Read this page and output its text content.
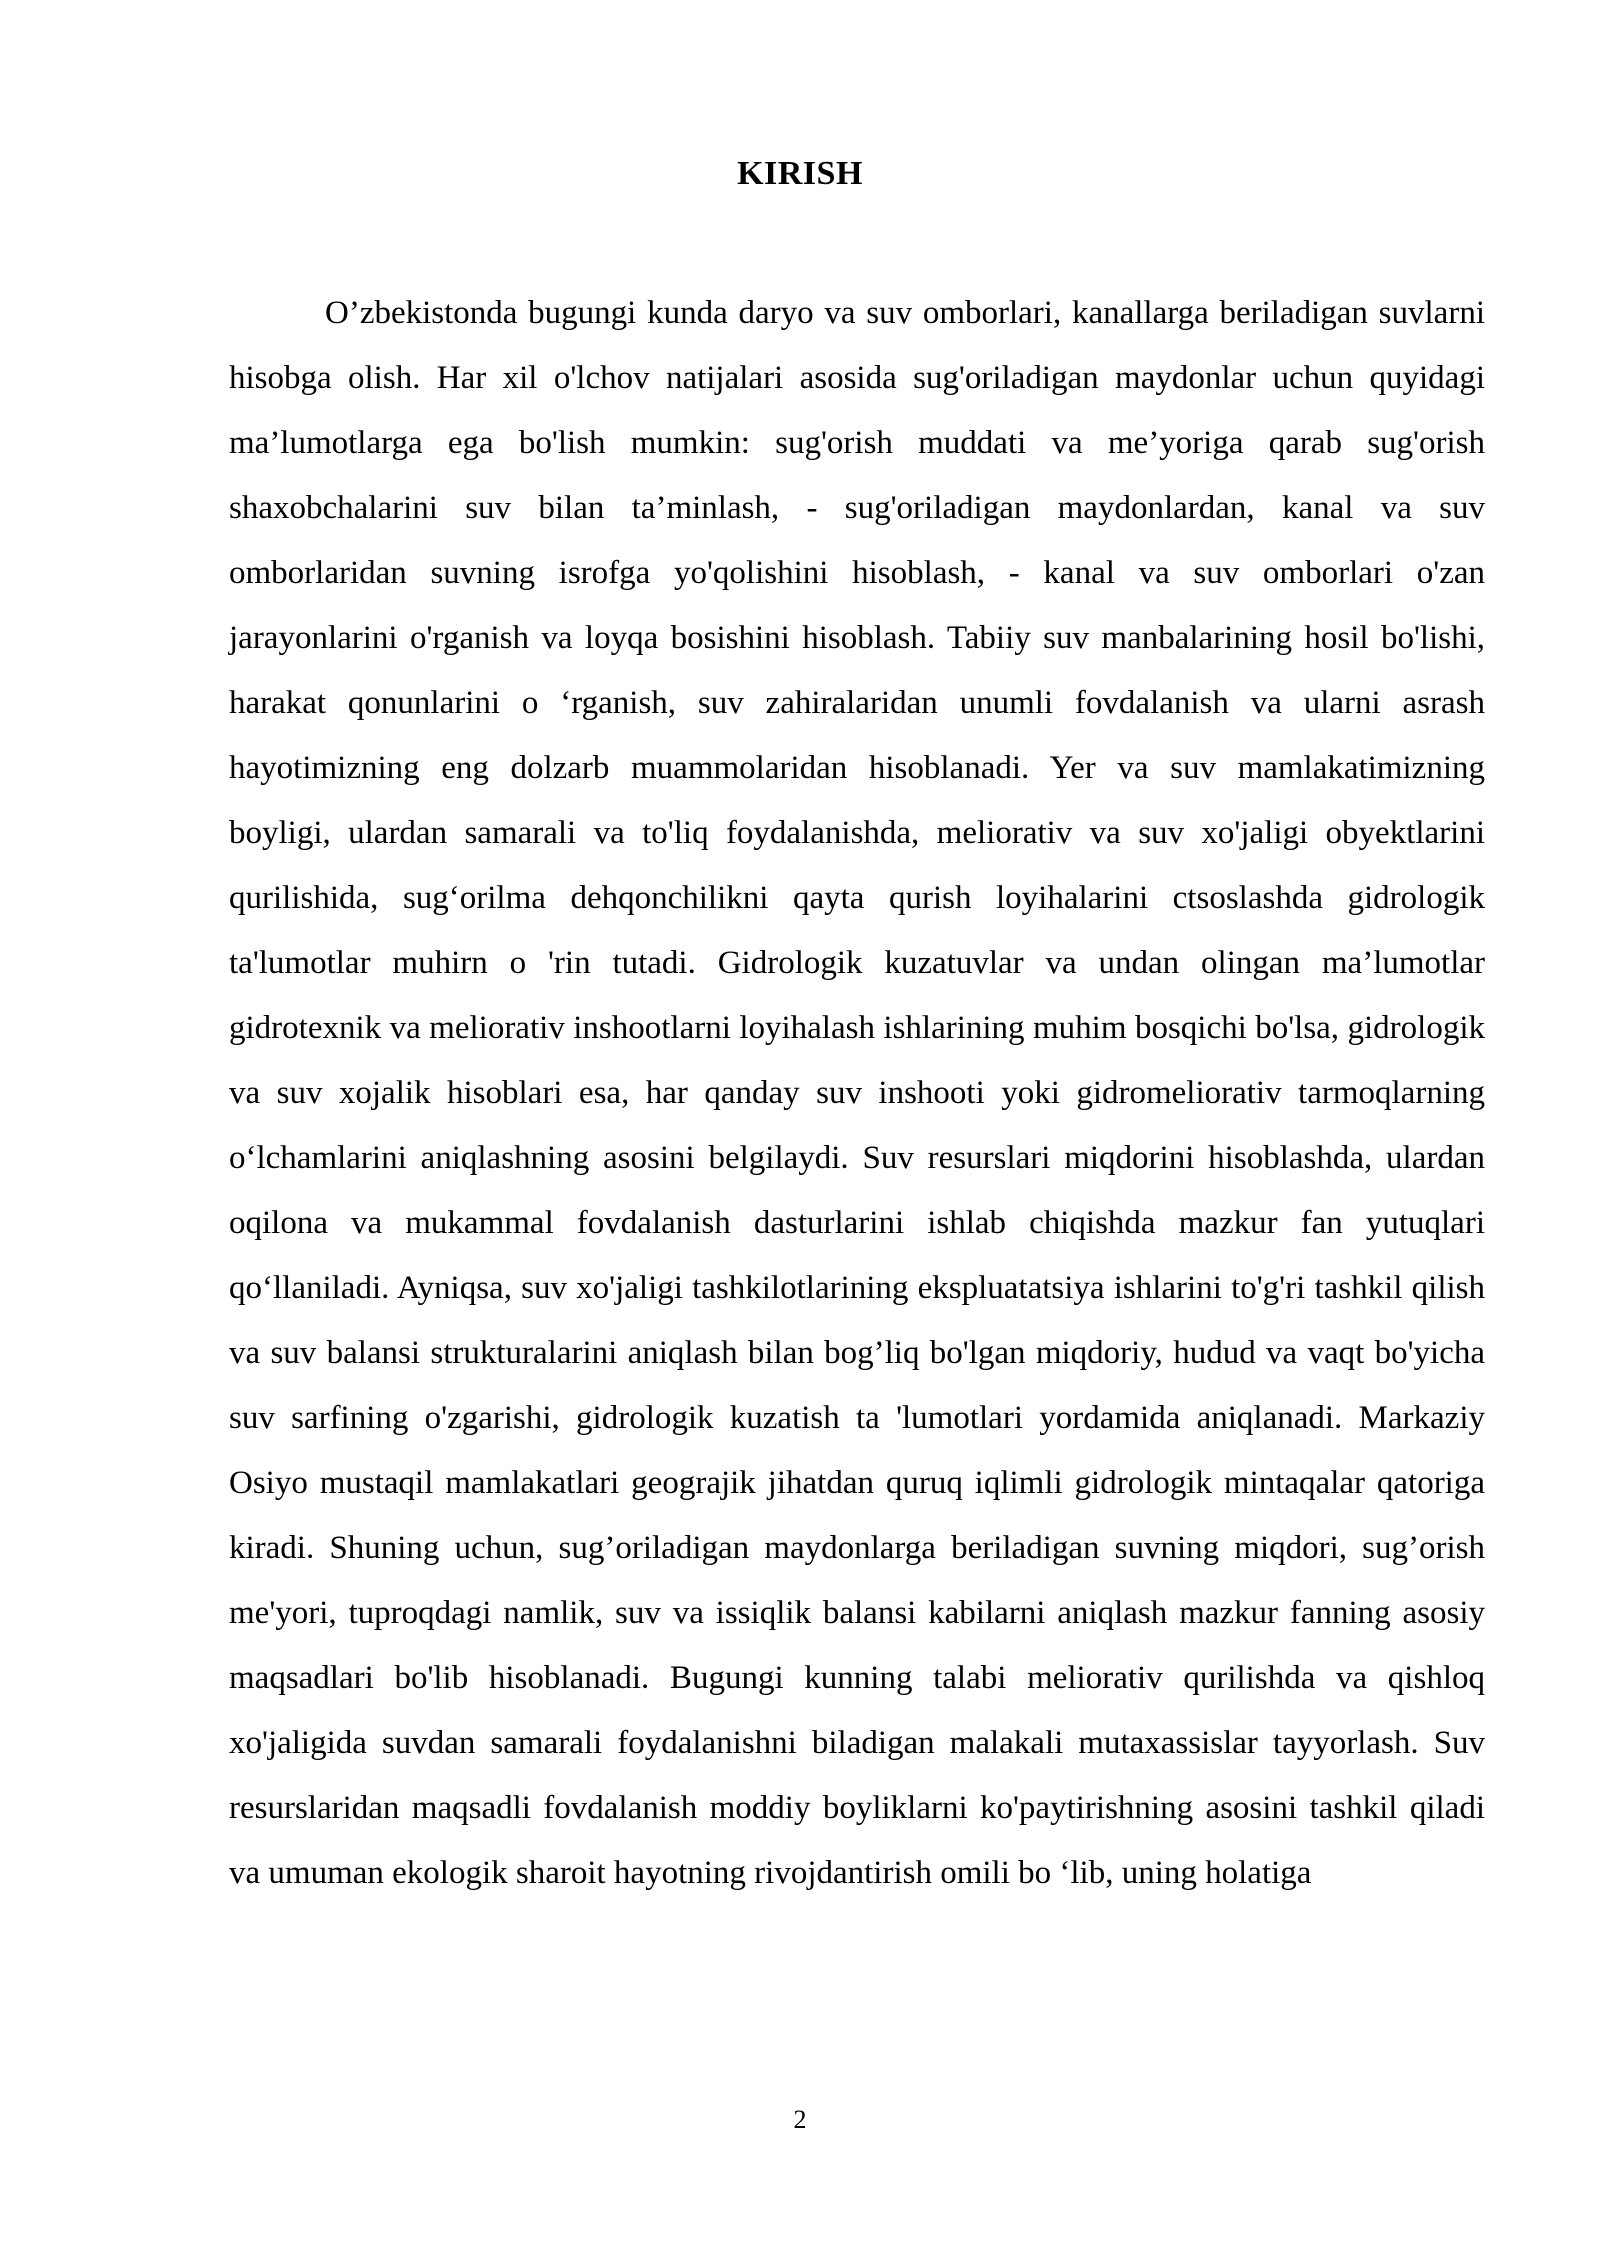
KIRISH

O’zbekistonda bugungi kunda daryo va suv omborlari, kanallarga beriladigan suvlarni hisobga olish. Har xil o'lchov natijalari asosida sug'oriladigan maydonlar uchun quyidagi ma’lumotlarga ega bo'lish mumkin: sug'orish muddati va me’yoriga qarab sug'orish shaxobchalarini suv bilan ta’minlash, - sug'oriladigan maydonlardan, kanal va suv omborlaridan suvning isrofga yo'qolishini hisoblash, - kanal va suv omborlari o'zan jarayonlarini o'rganish va loyqa bosishini hisoblash. Tabiiy suv manbalarining hosil bo'lishi, harakat qonunlarini o ‘rganish, suv zahiralaridan unumli fovdalanish va ularni asrash hayotimizning eng dolzarb muammolaridan hisoblanadi. Yer va suv mamlakatimizning boyligi, ulardan samarali va to'liq foydalanishda, meliorativ va suv xo'jaligi obyektlarini qurilishida, sug‘orilma dehqonchilikni qayta qurish loyihalarini ctsoslashda gidrologik ta'lumotlar muhirn o 'rin tutadi. Gidrologik kuzatuvlar va undan olingan ma’lumotlar gidrotexnik va meliorativ inshootlarni loyihalash ishlarining muhim bosqichi bo'lsa, gidrologik va suv xojalik hisoblari esa, har qanday suv inshooti yoki gidromeliorativ tarmoqlarning o‘lchamlarini aniqlashning asosini belgilaydi. Suv resurslari miqdorini hisoblashda, ulardan oqilona va mukammal fovdalanish dasturlarini ishlab chiqishda mazkur fan yutuqlari qo‘llaniladi. Ayniqsa, suv xo'jaligi tashkilotlarining ekspluatatsiya ishlarini to'g'ri tashkil qilish va suv balansi strukturalarini aniqlash bilan bog’liq bo'lgan miqdoriy, hudud va vaqt bo'yicha suv sarfining o'zgarishi, gidrologik kuzatish ta 'lumotlari yordamida aniqlanadi. Markaziy Osiyo mustaqil mamlakatlari geograjik jihatdan quruq iqlimli gidrologik mintaqalar qatoriga kiradi. Shuning uchun, sug’oriladigan maydonlarga beriladigan suvning miqdori, sug’orish me'yori, tuproqdagi namlik, suv va issiqlik balansi kabilarni aniqlash mazkur fanning asosiy maqsadlari bo'lib hisoblanadi. Bugungi kunning talabi meliorativ qurilishda va qishloq xo'jaligida suvdan samarali foydalanishni biladigan malakali mutaxassislar tayyorlash. Suv resurslaridan maqsadli fovdalanish moddiy boyliklarni ko'paytirishning asosini tashkil qiladi va umuman ekologik sharoit hayotning rivojdantirish omili bo ‘lib, uning holatiga

2
